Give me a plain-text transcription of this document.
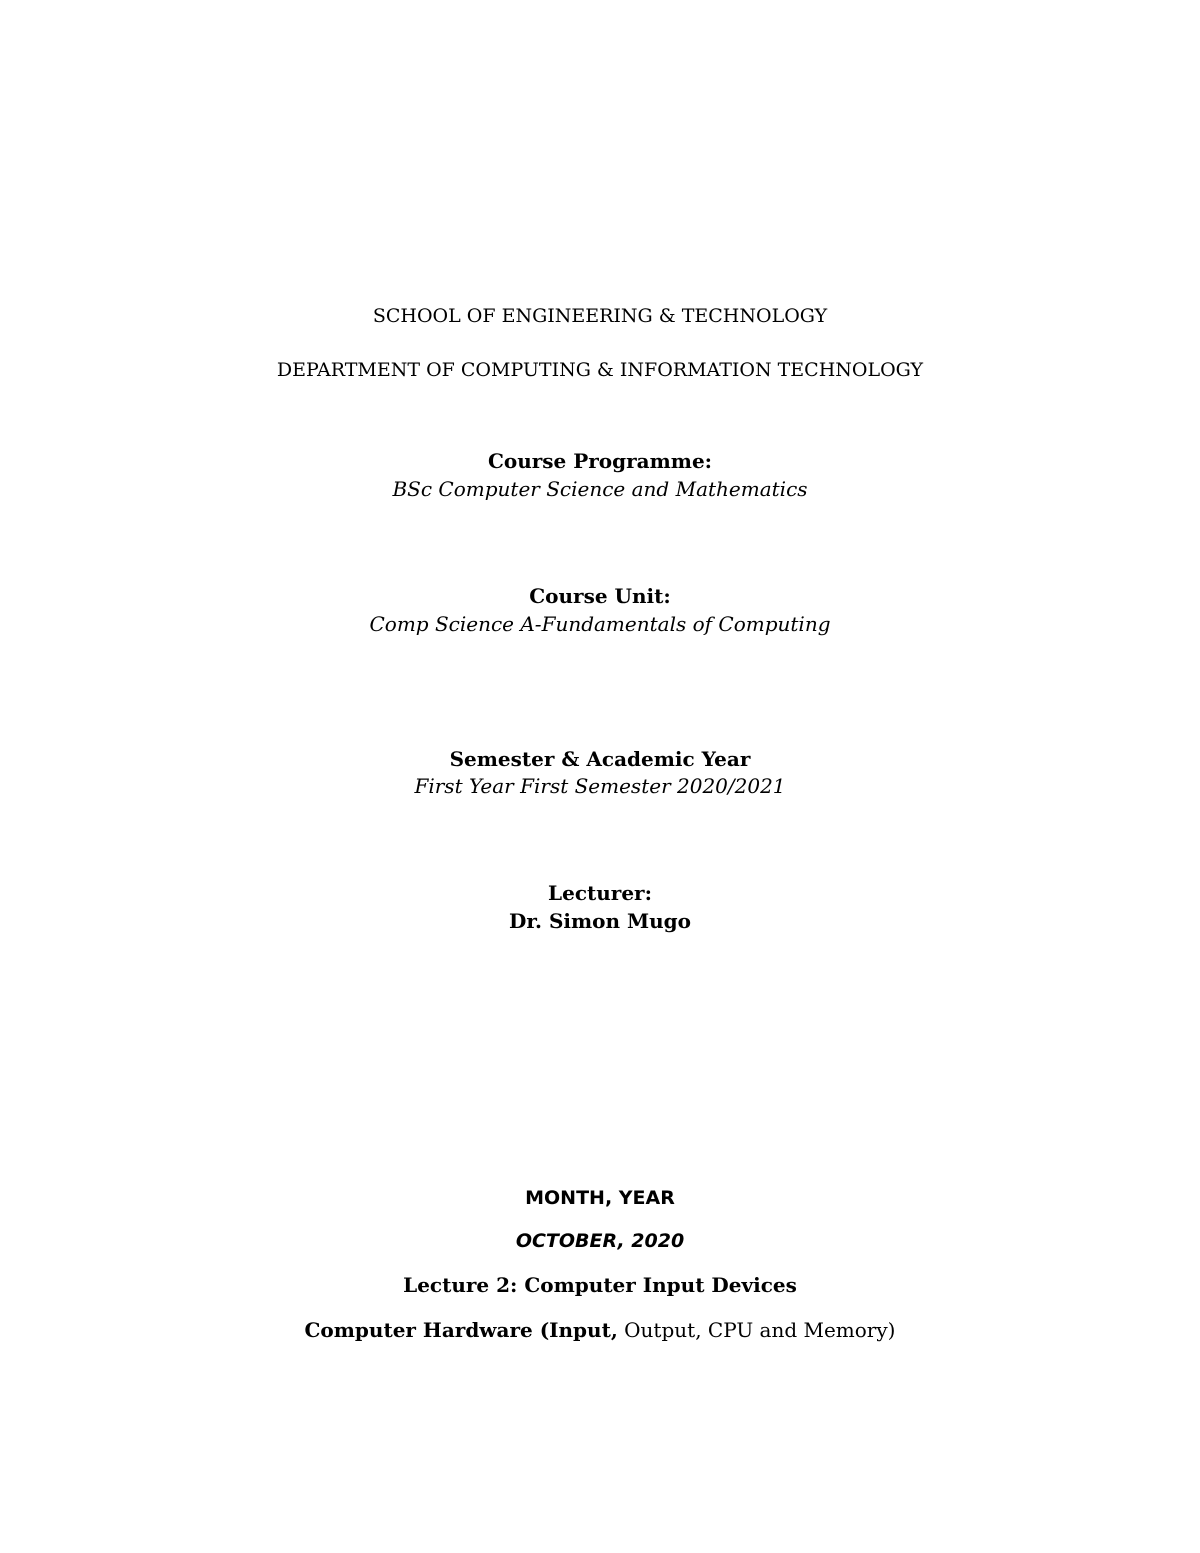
SCHOOL OF ENGINEERING & TECHNOLOGY
DEPARTMENT OF COMPUTING & INFORMATION TECHNOLOGY
Course Programme:
BSc Computer Science and Mathematics
Course Unit:
Comp Science A-Fundamentals of Computing
Semester & Academic Year
First Year First Semester 2020/2021
Lecturer:
Dr. Simon Mugo
MONTH, YEAR
OCTOBER, 2020
Lecture 2: Computer Input Devices
Computer Hardware (Input, Output, CPU and Memory)
